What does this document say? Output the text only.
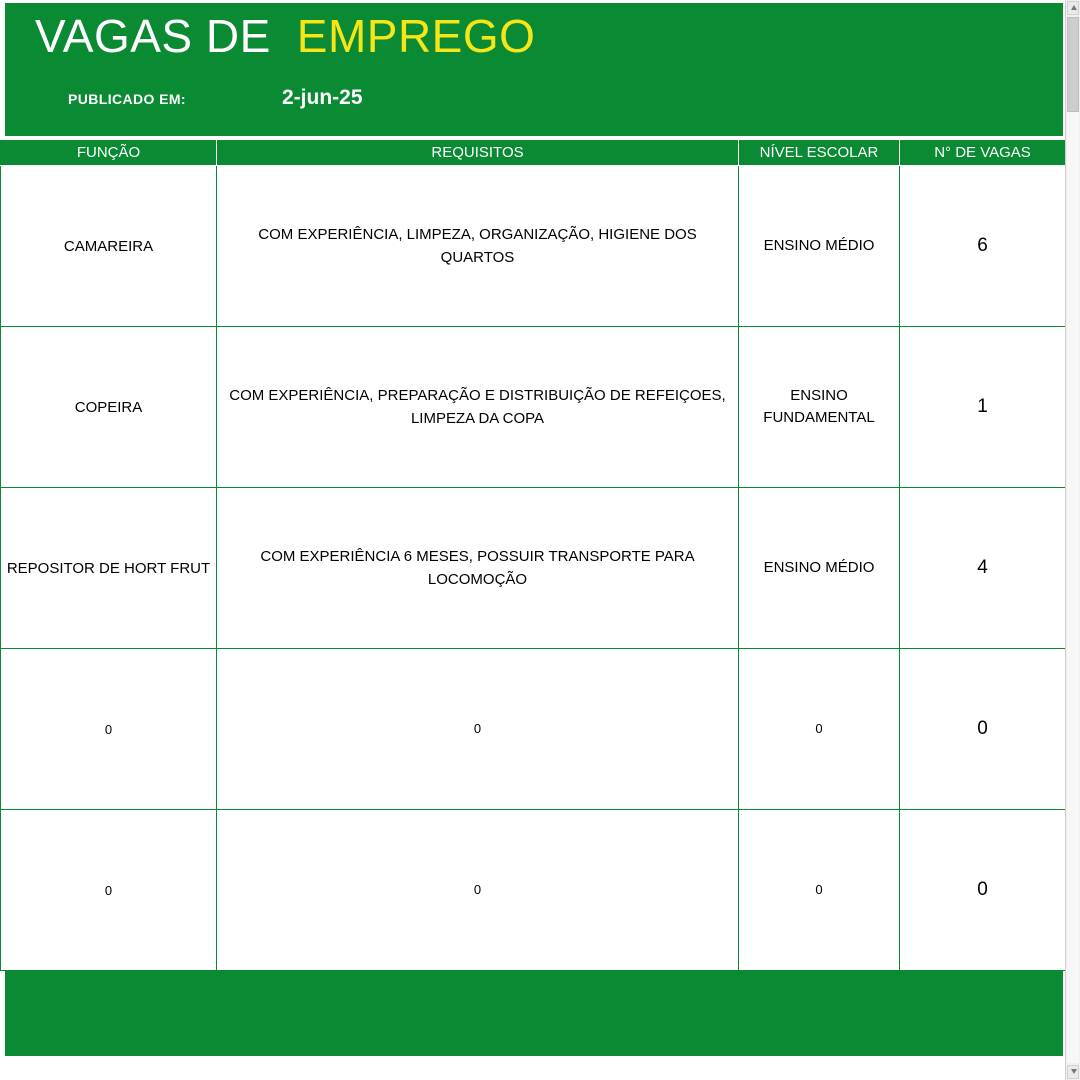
VAGAS DE EMPREGO
PUBLICADO EM:	2-jun-25
FUNÇÃO	REQUISITOS	NÍVEL ESCOLAR	N° DE VAGAS
CAMAREIRA	COM EXPERIÊNCIA, LIMPEZA, ORGANIZAÇÃO, HIGIENE DOS QUARTOS	ENSINO MÉDIO	6
COPEIRA	COM EXPERIÊNCIA, PREPARAÇÃO E DISTRIBUIÇÃO DE REFEIÇOES, LIMPEZA DA COPA	ENSINO FUNDAMENTAL	1
REPOSITOR DE HORT FRUT	COM EXPERIÊNCIA 6 MESES, POSSUIR TRANSPORTE PARA LOCOMOÇÃO	ENSINO MÉDIO	4
0	0	0	0
0	0	0	0
